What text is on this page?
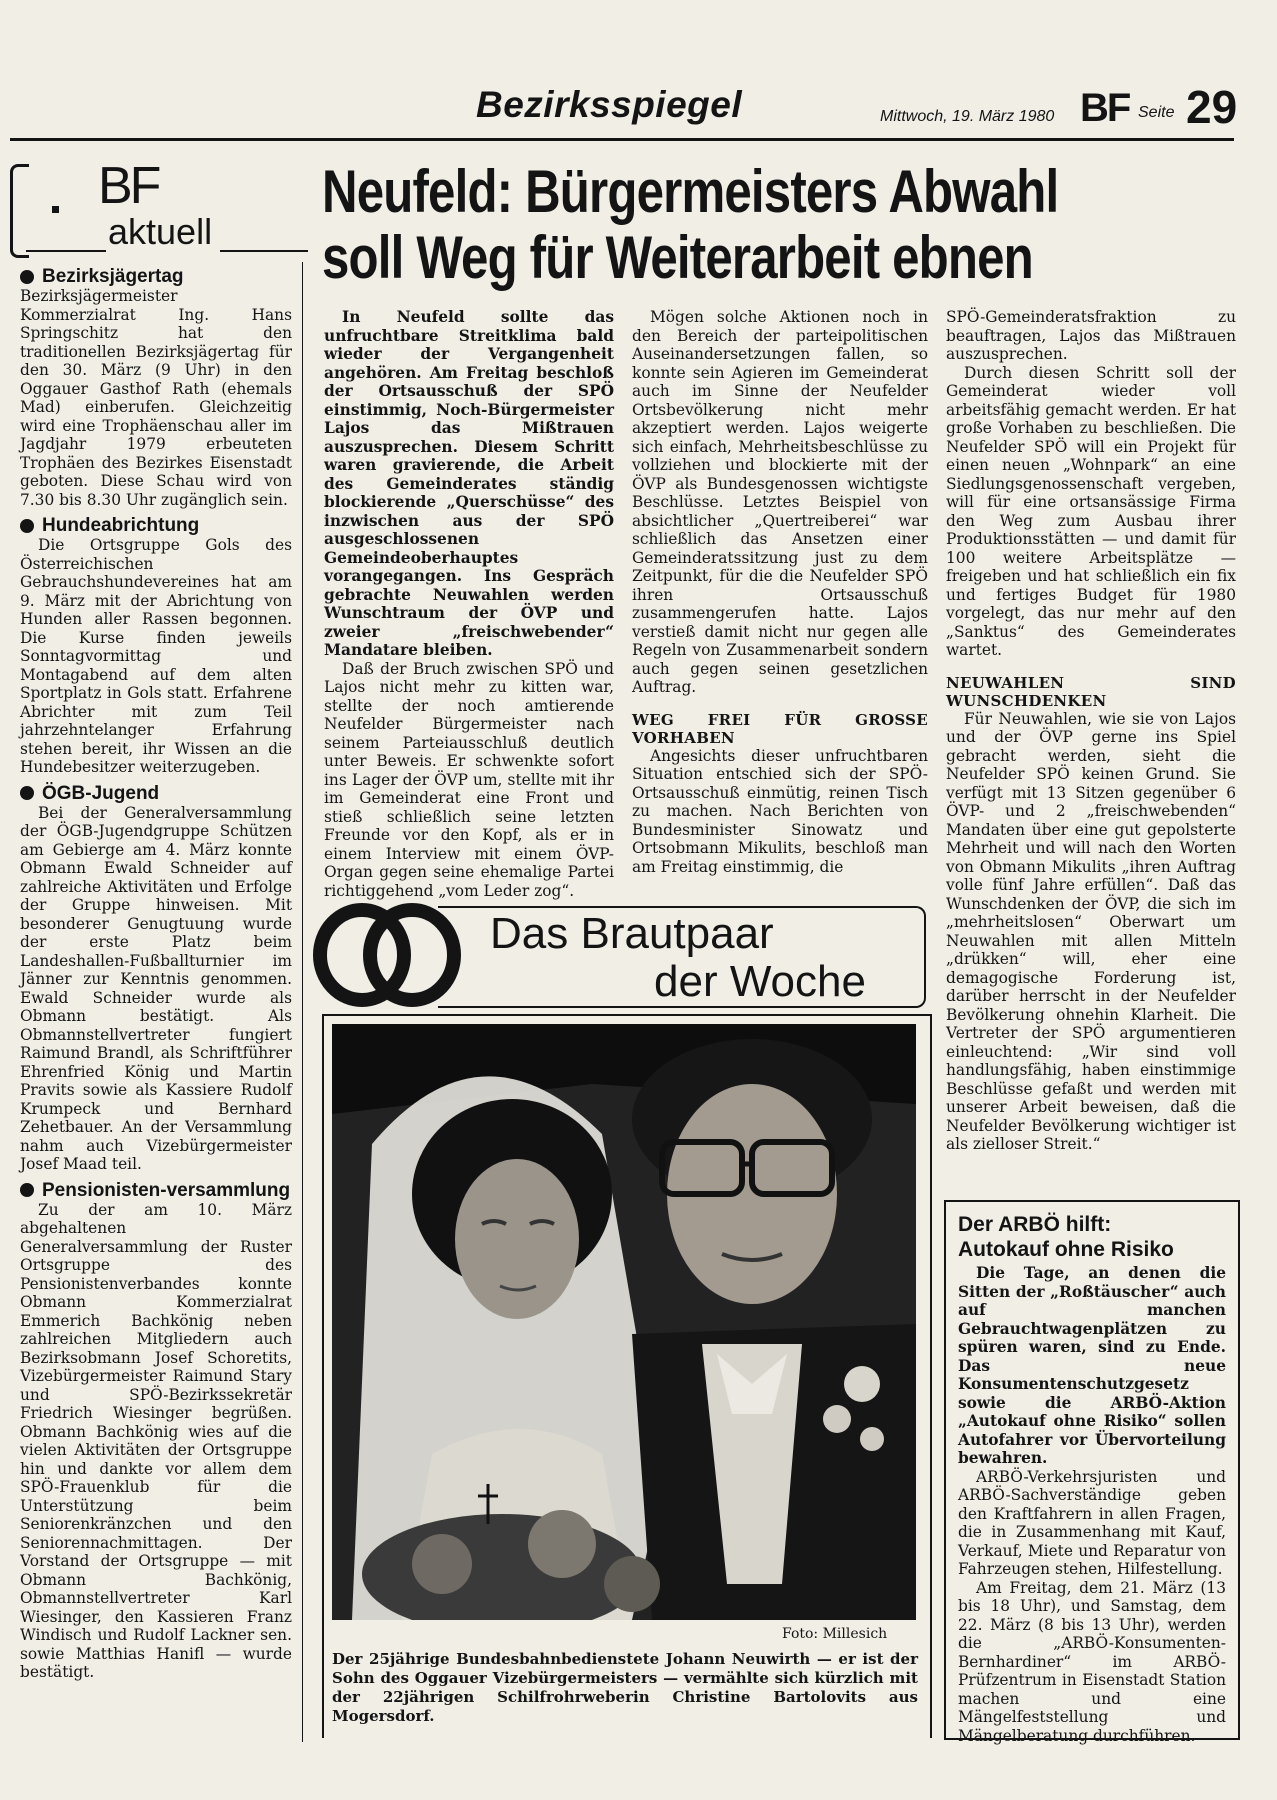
Bezirksspiegel	Mittwoch, 19. März 1980 BF Seite 29
BF
aktuell
Bezirksjägertag

Bezirksjägermeister Kommerzialrat Ing. Hans Springschitz hat den traditionellen Bezirksjägertag für den 30. März (9 Uhr) in den Oggauer Gasthof Rath (ehemals Mad) einberufen. Gleichzeitig wird eine Trophäenschau aller im Jagdjahr 1979 erbeuteten Trophäen des Bezirkes Eisenstadt geboten. Diese Schau wird von 7.30 bis 8.30 Uhr zugänglich sein.

Hundeabrichtung

Die Ortsgruppe Gols des Österreichischen Gebrauchshundevereines hat am 9. März mit der Abrichtung von Hunden aller Rassen begonnen. Die Kurse finden jeweils Sonntagvormittag und Montagabend auf dem alten Sportplatz in Gols statt. Erfahrene Abrichter mit zum Teil jahrzehntelanger Erfahrung stehen bereit, ihr Wissen an die Hundebesitzer weiterzugeben.

ÖGB-Jugend

Bei der Generalversammlung der ÖGB-Jugendgruppe Schützen am Gebierge am 4. März konnte Obmann Ewald Schneider auf zahlreiche Aktivitäten und Erfolge der Gruppe hinweisen. Mit besonderer Genugtuung wurde der erste Platz beim Landeshallen-Fußballturnier im Jänner zur Kenntnis genommen. Ewald Schneider wurde als Obmann bestätigt. Als Obmannstellvertreter fungiert Raimund Brandl, als Schriftführer Ehrenfried König und Martin Pravits sowie als Kassiere Rudolf Krumpeck und Bernhard Zehetbauer. An der Versammlung nahm auch Vizebürgermeister Josef Maad teil.

Pensionisten-versammlung

Zu der am 10. März abgehaltenen Generalversammlung der Ruster Ortsgruppe des Pensionistenverbandes konnte Obmann Kommerzialrat Emmerich Bachkönig neben zahlreichen Mitgliedern auch Bezirksobmann Josef Schoretits, Vizebürgermeister Raimund Stary und SPÖ-Bezirkssekretär Friedrich Wiesinger begrüßen. Obmann Bachkönig wies auf die vielen Aktivitäten der Ortsgruppe hin und dankte vor allem dem SPÖ-Frauenklub für die Unterstützung beim Seniorenkränzchen und den Seniorennachmittagen. Der Vorstand der Ortsgruppe — mit Obmann Bachkönig, Obmannstellvertreter Karl Wiesinger, den Kassieren Franz Windisch und Rudolf Lackner sen. sowie Matthias Hanifl — wurde bestätigt.

Neufeld: Bürgermeisters Abwahl
soll Weg für Weiterarbeit ebnen

In Neufeld sollte das unfruchtbare Streitklima bald wieder der Vergangenheit angehören. Am Freitag beschloß der Ortsausschuß der SPÖ einstimmig, Noch-Bürgermeister Lajos das Mißtrauen auszusprechen. Diesem Schritt waren gravierende, die Arbeit des Gemeinderates ständig blockierende „Querschüsse“ des inzwischen aus der SPÖ ausgeschlossenen Gemeindeoberhauptes vorangegangen. Ins Gespräch gebrachte Neuwahlen werden Wunschtraum der ÖVP und zweier „freischwebender“ Mandatare bleiben.

Daß der Bruch zwischen SPÖ und Lajos nicht mehr zu kitten war, stellte der noch amtierende Neufelder Bürgermeister nach seinem Parteiausschluß deutlich unter Beweis. Er schwenkte sofort ins Lager der ÖVP um, stellte mit ihr im Gemeinderat eine Front und stieß schließlich seine letzten Freunde vor den Kopf, als er in einem Interview mit einem ÖVP-Organ gegen seine ehemalige Partei richtiggehend „vom Leder zog“.

Mögen solche Aktionen noch in den Bereich der parteipolitischen Auseinandersetzungen fallen, so konnte sein Agieren im Gemeinderat auch im Sinne der Neufelder Ortsbevölkerung nicht mehr akzeptiert werden. Lajos weigerte sich einfach, Mehrheitsbeschlüsse zu vollziehen und blockierte mit der ÖVP als Bundesgenossen wichtigste Beschlüsse. Letztes Beispiel von absichtlicher „Quertreiberei“ war schließlich das Ansetzen einer Gemeinderatssitzung just zu dem Zeitpunkt, für die die Neufelder SPÖ ihren Ortsausschuß zusammengerufen hatte. Lajos verstieß damit nicht nur gegen alle Regeln von Zusammenarbeit sondern auch gegen seinen gesetzlichen Auftrag.

WEG FREI FÜR GROSSE VORHABEN

Angesichts dieser unfruchtbaren Situation entschied sich der SPÖ-Ortsausschuß einmütig, reinen Tisch zu machen. Nach Berichten von Bundesminister Sinowatz und Ortsobmann Mikulits, beschloß man am Freitag einstimmig, die

SPÖ-Gemeinderatsfraktion zu beauftragen, Lajos das Mißtrauen auszusprechen.

Durch diesen Schritt soll der Gemeinderat wieder voll arbeitsfähig gemacht werden. Er hat große Vorhaben zu beschließen. Die Neufelder SPÖ will ein Projekt für einen neuen „Wohnpark“ an eine Siedlungsgenossenschaft vergeben, will für eine ortsansässige Firma den Weg zum Ausbau ihrer Produktionsstätten — und damit für 100 weitere Arbeitsplätze — freigeben und hat schließlich ein fix und fertiges Budget für 1980 vorgelegt, das nur mehr auf den „Sanktus“ des Gemeinderates wartet.

NEUWAHLEN SIND WUNSCHDENKEN

Für Neuwahlen, wie sie von Lajos und der ÖVP gerne ins Spiel gebracht werden, sieht die Neufelder SPÖ keinen Grund. Sie verfügt mit 13 Sitzen gegenüber 6 ÖVP- und 2 „freischwebenden“ Mandaten über eine gut gepolsterte Mehrheit und will nach den Worten von Obmann Mikulits „ihren Auftrag volle fünf Jahre erfüllen“. Daß das Wunschdenken der ÖVP, die sich im „mehrheitslosen“ Oberwart um Neuwahlen mit allen Mitteln „drükken“ will, eher eine demagogische Forderung ist, darüber herrscht in der Neufelder Bevölkerung ohnehin Klarheit. Die Vertreter der SPÖ argumentieren einleuchtend: „Wir sind voll handlungsfähig, haben einstimmige Beschlüsse gefaßt und werden mit unserer Arbeit beweisen, daß die Neufelder Bevölkerung wichtiger ist als zielloser Streit.“

Das Brautpaar
der Woche
Foto: Millesich
Der 25jährige Bundesbahnbedienstete Johann Neuwirth — er ist der Sohn des Oggauer Vizebürgermeisters — vermählte sich kürzlich mit der 22jährigen Schilfrohrweberin Christine Bartolovits aus Mogersdorf.
Der ARBÖ hilft:
Autokauf ohne Risiko

Die Tage, an denen die Sitten der „Roßtäuscher“ auch auf manchen Gebrauchtwagenplätzen zu spüren waren, sind zu Ende. Das neue Konsumentenschutzgesetz sowie die ARBÖ-Aktion „Autokauf ohne Risiko“ sollen Autofahrer vor Übervorteilung bewahren.

ARBÖ-Verkehrsjuristen und ARBÖ-Sachverständige geben den Kraftfahrern in allen Fragen, die in Zusammenhang mit Kauf, Verkauf, Miete und Reparatur von Fahrzeugen stehen, Hilfestellung.

Am Freitag, dem 21. März (13 bis 18 Uhr), und Samstag, dem 22. März (8 bis 13 Uhr), werden die „ARBÖ-Konsumenten-Bernhardiner“ im ARBÖ-Prüfzentrum in Eisenstadt Station machen und eine Mängelfeststellung und Mängelberatung durchführen.
